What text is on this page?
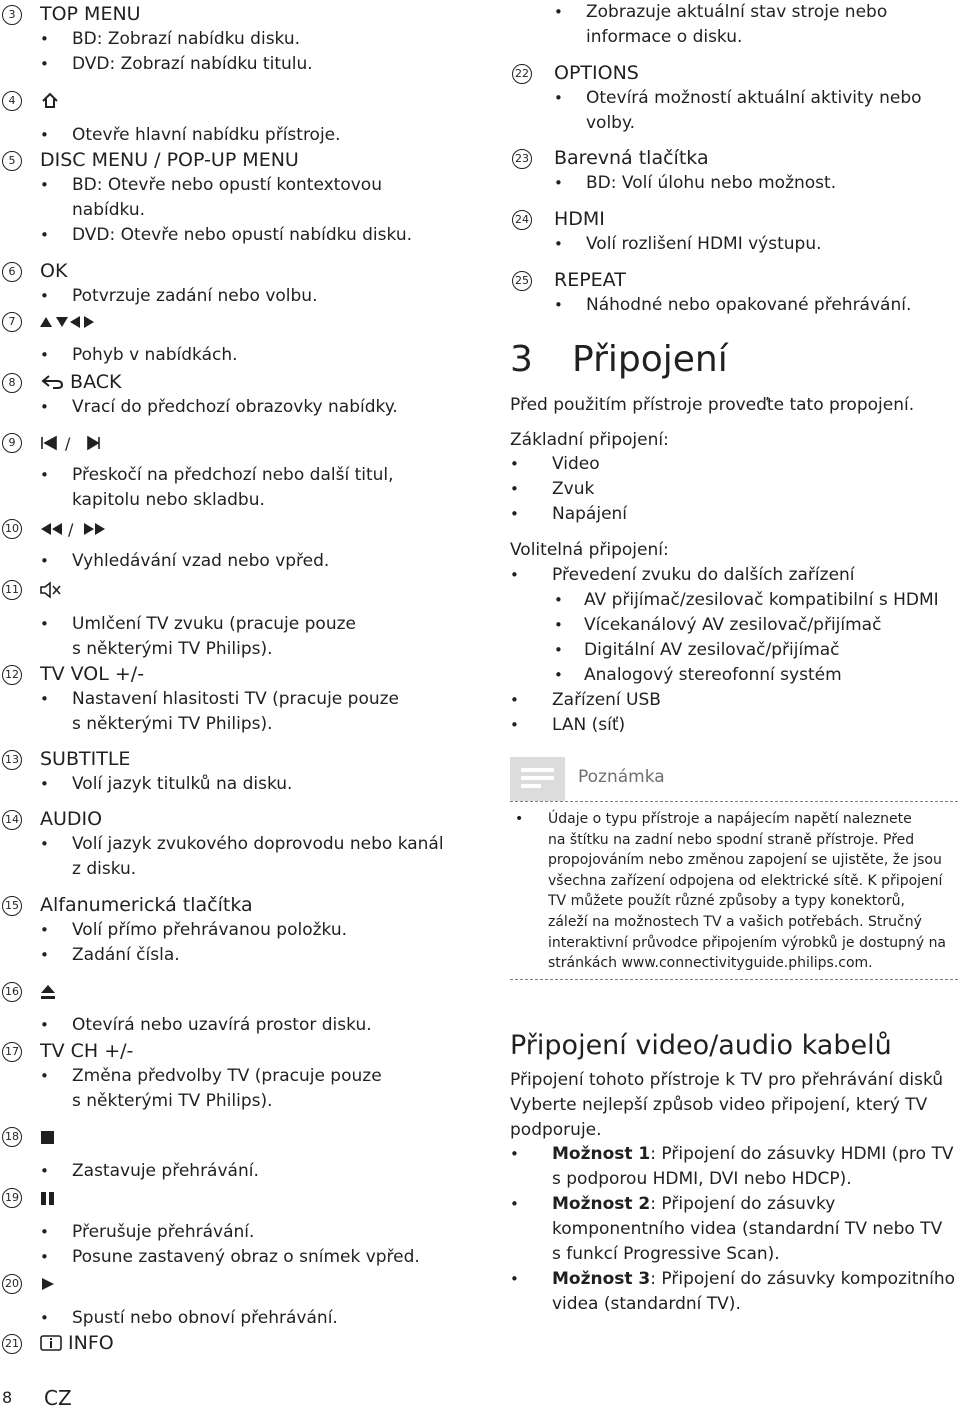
3	TOP MENU
• BD: Zobrazí nabídku disku.
• DVD: Zobrazí nabídku titulu.
4
• Otevře hlavní nabídku přístroje.
5	DISC MENU / POP-UP MENU
• BD: Otevře nebo opustí kontextovou
nabídku.
• DVD: Otevře nebo opustí nabídku disku.
6	OK
• Potvrzuje zadání nebo volbu.
7
• Pohyb v nabídkách.
8	BACK
• Vrací do předchozí obrazovky nabídky.
9	/
• Přeskočí na předchozí nebo další titul,
kapitolu nebo skladbu.
10	/
• Vyhledávání vzad nebo vpřed.
11
• Umlčení TV zvuku (pracuje pouze
s některými TV Philips).
12 TV VOL +/-
• Nastavení hlasitosti TV (pracuje pouze
s některými TV Philips).
13 SUBTITLE
• Volí jazyk titulků na disku.
14 AUDIO
• Volí jazyk zvukového doprovodu nebo kanál
z disku.
15 Alfanumerická tlačítka
• Volí přímo přehrávanou položku.
• Zadání čísla.
16
• Otevírá nebo uzavírá prostor disku.
17 TV CH +/-
• Změna předvolby TV (pracuje pouze
s některými TV Philips).
18
• Zastavuje přehrávání.
19
• Přerušuje přehrávání.
• Posune zastavený obraz o snímek vpřed.
20
• Spustí nebo obnoví přehrávání.
21	INFO
• Zobrazuje aktuální stav stroje nebo
informace o disku.
22 OPTIONS
• Otevírá možností aktuální aktivity nebo
volby.
23 Barevná tlačítka
• BD: Volí úlohu nebo možnost.
24 HDMI
• Volí rozlišení HDMI výstupu.
25 REPEAT
• Náhodné nebo opakované přehrávání.
3 Připojení

Před použitím přístroje proveďte tato propojení.

Základní připojení:

• Video
• Zvuk
• Napájení

Volitelná připojení:

• Převedení zvuku do dalších zařízení
• AV přijímač/zesilovač kompatibilní s HDMI
• Vícekanálový AV zesilovač/přijímač
• Digitální AV zesilovač/přijímač
• Analogový stereofonní systém
• Zařízení USB
• LAN (síť)
Poznámka
• Údaje o typu přístroje a napájecím napětí naleznete
na štítku na zadní nebo spodní straně přístroje. Před
propojováním nebo změnou zapojení se ujistěte, že jsou
všechna zařízení odpojena od elektrické sítě. K připojení
TV můžete použít různé způsoby a typy konektorů,
záleží na možnostech TV a vašich potřebách. Stručný
interaktivní průvodce připojením výrobků je dostupný na
stránkách www.connectivityguide.philips.com.
Připojení video/audio kabelů
Připojení tohoto přístroje k TV pro přehrávání disků
Vyberte nejlepší způsob video připojení, který TV
podporuje.
• Možnost 1: Připojení do zásuvky HDMI (pro TV
s podporou HDMI, DVI nebo HDCP).
• Možnost 2: Připojení do zásuvky
komponentního videa (standardní TV nebo TV
s funkcí Progressive Scan).
• Možnost 3: Připojení do zásuvky kompozitního
videa (standardní TV).
8 CZ
